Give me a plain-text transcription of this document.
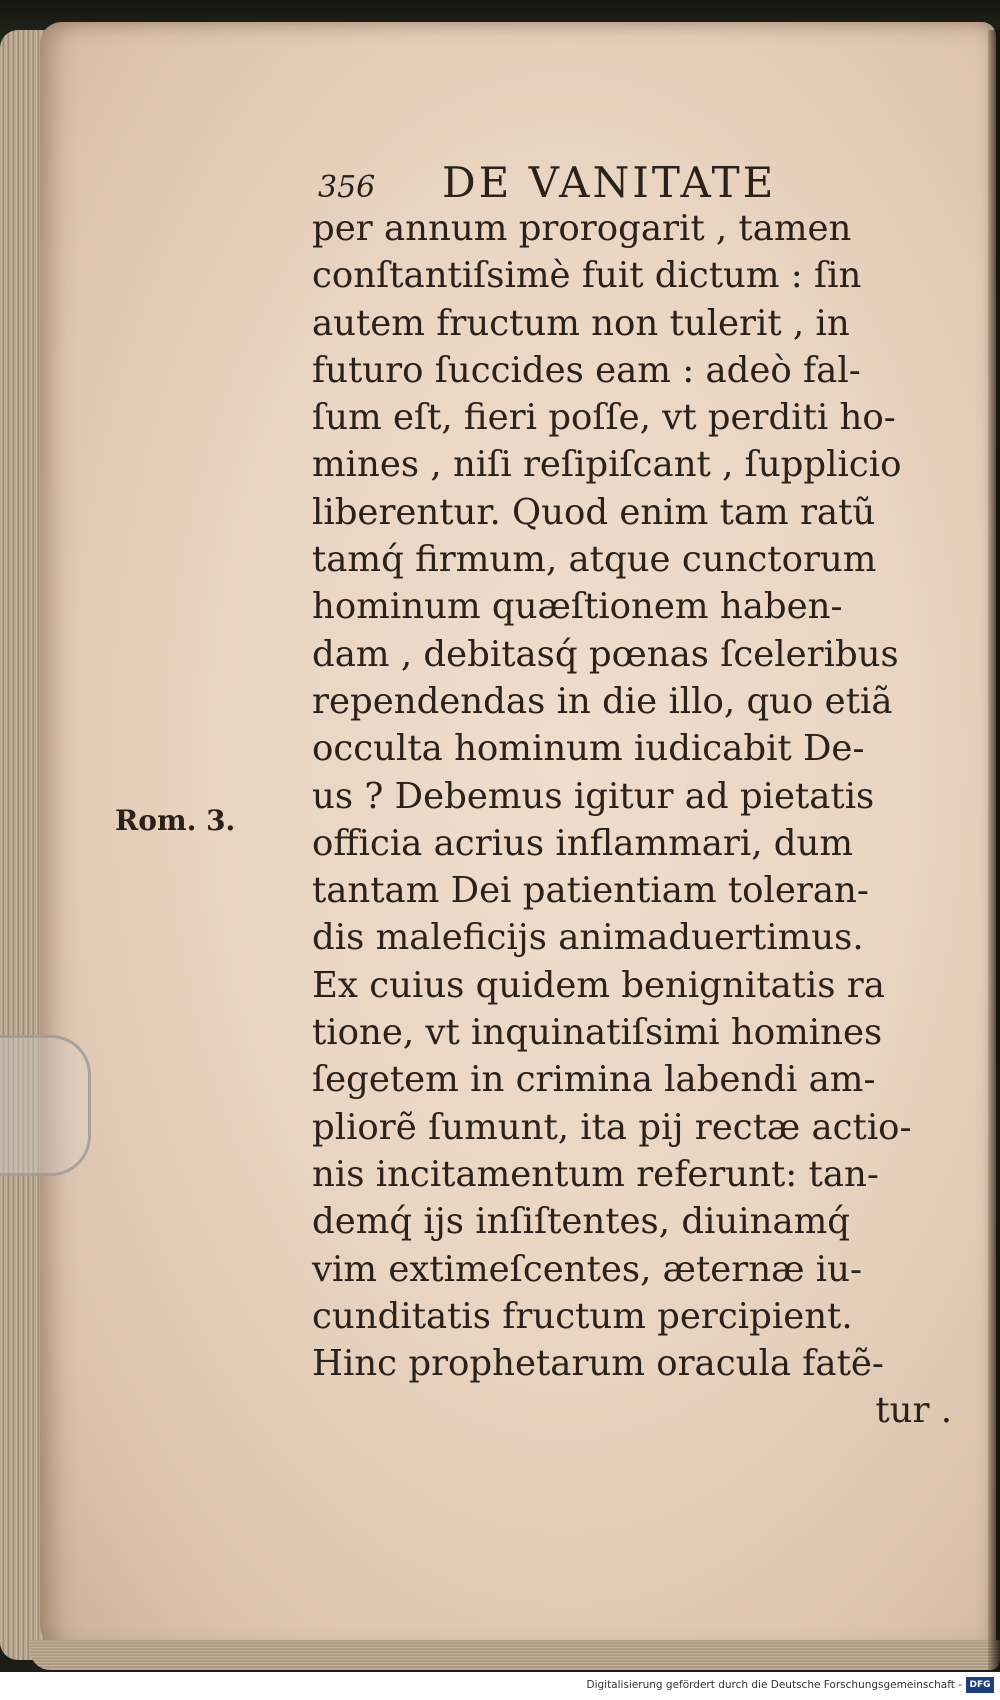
356 DE VANITATE
Rom. 3.
per annum prorogarit , tamen
conſtantiſsimè fuit dictum : ſin
autem fructum non tulerit , in
futuro ſuccides eam : adeò fal-
ſum eſt, fieri poſſe, vt perditi ho-
mines , niſi reſipiſcant , ſupplicio
liberentur. Quod enim tam ratũ
tamq́ firmum, atque cunctorum
hominum quæſtionem haben-
dam , debitasq́ pœnas ſceleribus
rependendas in die illo, quo etiã
occulta hominum iudicabit De-
us ? Debemus igitur ad pietatis
officia acrius inflammari, dum
tantam Dei patientiam toleran-
dis maleficijs animaduertimus.
Ex cuius quidem benignitatis ra
tione, vt inquinatiſsimi homines
ſegetem in crimina labendi am-
pliorẽ ſumunt, ita pij rectæ actio-
nis incitamentum referunt: tan-
demq́ ijs inſiſtentes, diuinamq́
vim extimeſcentes, æternæ iu-
cunditatis fructum percipient.
Hinc prophetarum oracula fatẽ-
tur .
Digitalisierung gefördert durch die Deutsche Forschungsgemeinschaft - DFG
